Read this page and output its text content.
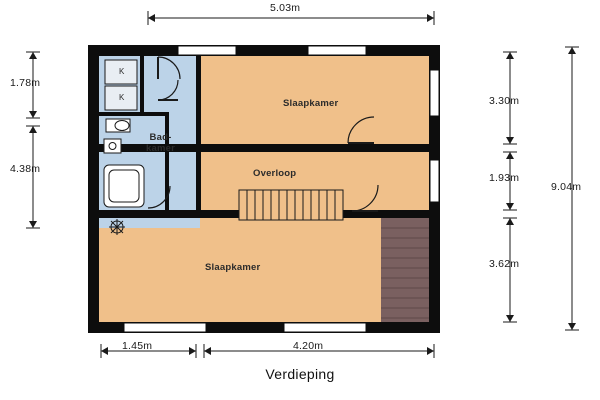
5.03m
1.78m
4.38m
3.30m
1.93m
3.62m
9.04m
1.45m	4.20m
Slaapkamer
Overloop
Bad-
kamer
Slaapkamer
K
K
Verdieping
